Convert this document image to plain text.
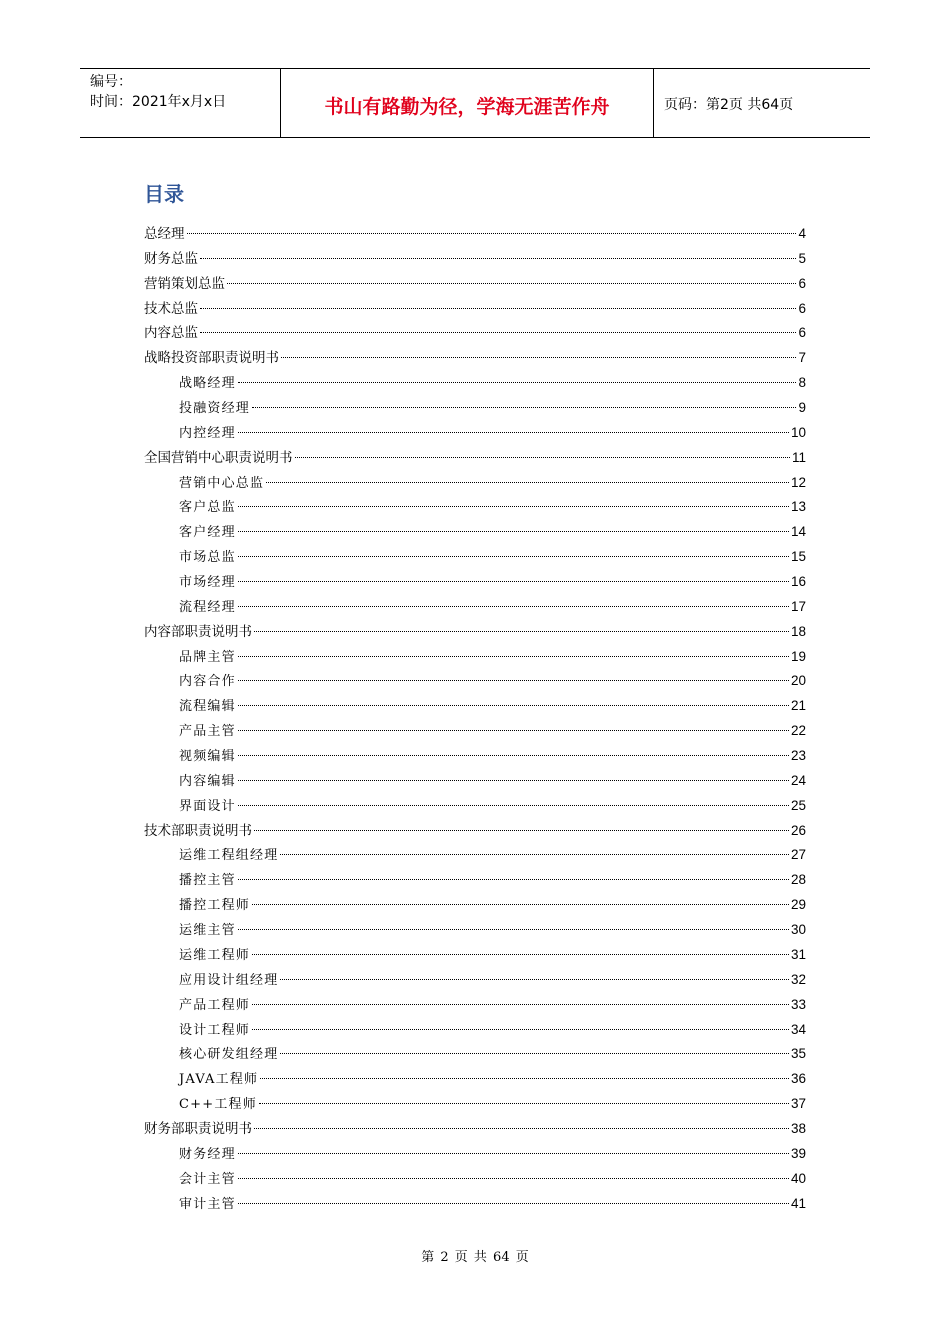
编号：
时间：2021年x月x日	书山有路勤为径，学海无涯苦作舟	页码：第2页 共64页
目录
总经理	4
财务总监	5
营销策划总监	6
技术总监	6
内容总监	6
战略投资部职责说明书	7
战略经理	8
投融资经理	9
内控经理	10
全国营销中心职责说明书	11
营销中心总监	12
客户总监	13
客户经理	14
市场总监	15
市场经理	16
流程经理	17
内容部职责说明书	18
品牌主管	19
内容合作	20
流程编辑	21
产品主管	22
视频编辑	23
内容编辑	24
界面设计	25
技术部职责说明书	26
运维工程组经理	27
播控主管	28
播控工程师	29
运维主管	30
运维工程师	31
应用设计组经理	32
产品工程师	33
设计工程师	34
核心研发组经理	35
JAVA工程师	36
C++工程师	37
财务部职责说明书	38
财务经理	39
会计主管	40
审计主管	41
第 2 页 共 64 页
